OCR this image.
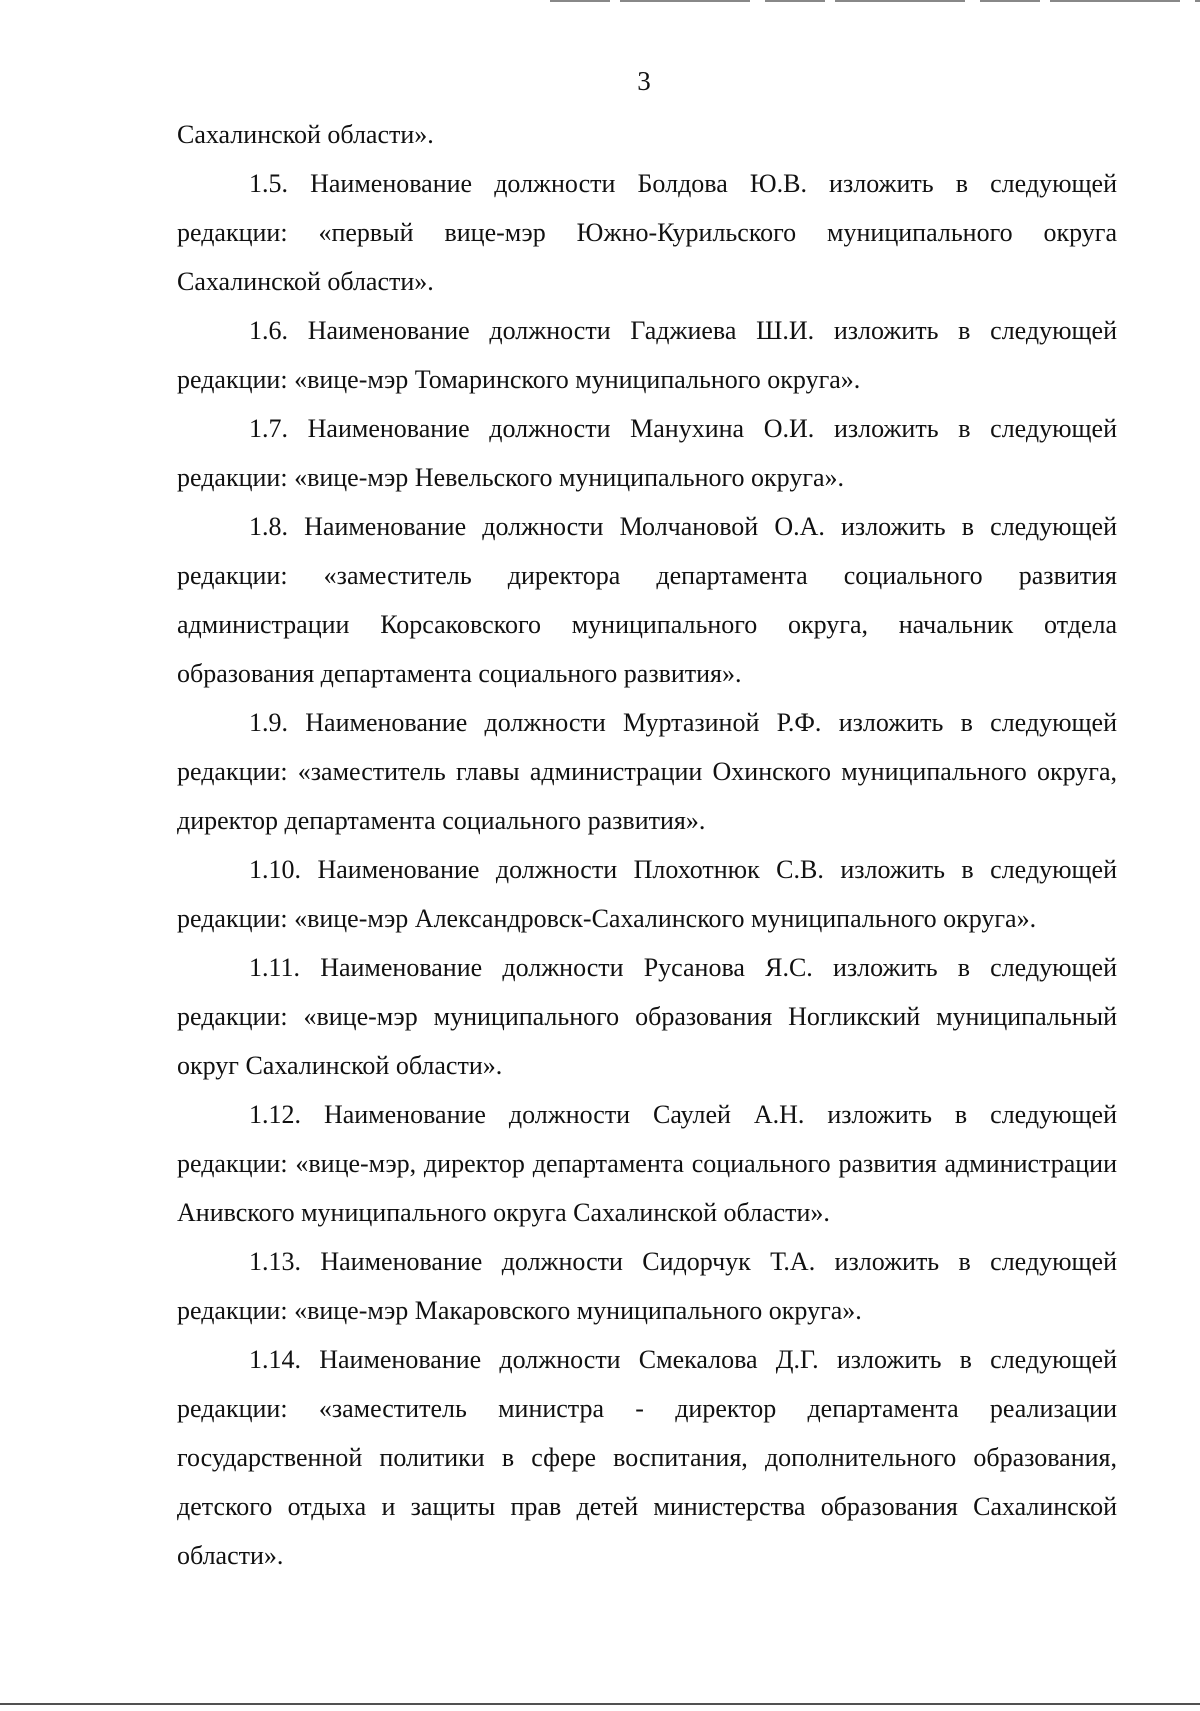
3

Сахалинской области».

1.5. Наименование должности Болдова Ю.В. изложить в следующей редакции: «первый вице-мэр Южно-Курильского муниципального округа Сахалинской области».

1.6. Наименование должности Гаджиева Ш.И. изложить в следующей редакции: «вице-мэр Томаринского муниципального округа».

1.7. Наименование должности Манухина О.И. изложить в следующей редакции: «вице-мэр Невельского муниципального округа».

1.8. Наименование должности Молчановой О.А. изложить в следующей редакции: «заместитель директора департамента социального развития администрации Корсаковского муниципального округа, начальник отдела образования департамента социального развития».

1.9. Наименование должности Муртазиной Р.Ф. изложить в следующей редакции: «заместитель главы администрации Охинского муниципального округа, директор департамента социального развития».

1.10. Наименование должности Плохотнюк С.В. изложить в следующей редакции: «вице-мэр Александровск-Сахалинского муниципального округа».

1.11. Наименование должности Русанова Я.С. изложить в следующей редакции: «вице-мэр муниципального образования Ногликский муниципальный округ Сахалинской области».

1.12. Наименование должности Саулей А.Н. изложить в следующей редакции: «вице-мэр, директор департамента социального развития администрации Анивского муниципального округа Сахалинской области».

1.13. Наименование должности Сидорчук Т.А. изложить в следующей редакции: «вице-мэр Макаровского муниципального округа».

1.14. Наименование должности Смекалова Д.Г. изложить в следующей редакции: «заместитель министра - директор департамента реализации государственной политики в сфере воспитания, дополнительного образования, детского отдыха и защиты прав детей министерства образования Сахалинской области».
